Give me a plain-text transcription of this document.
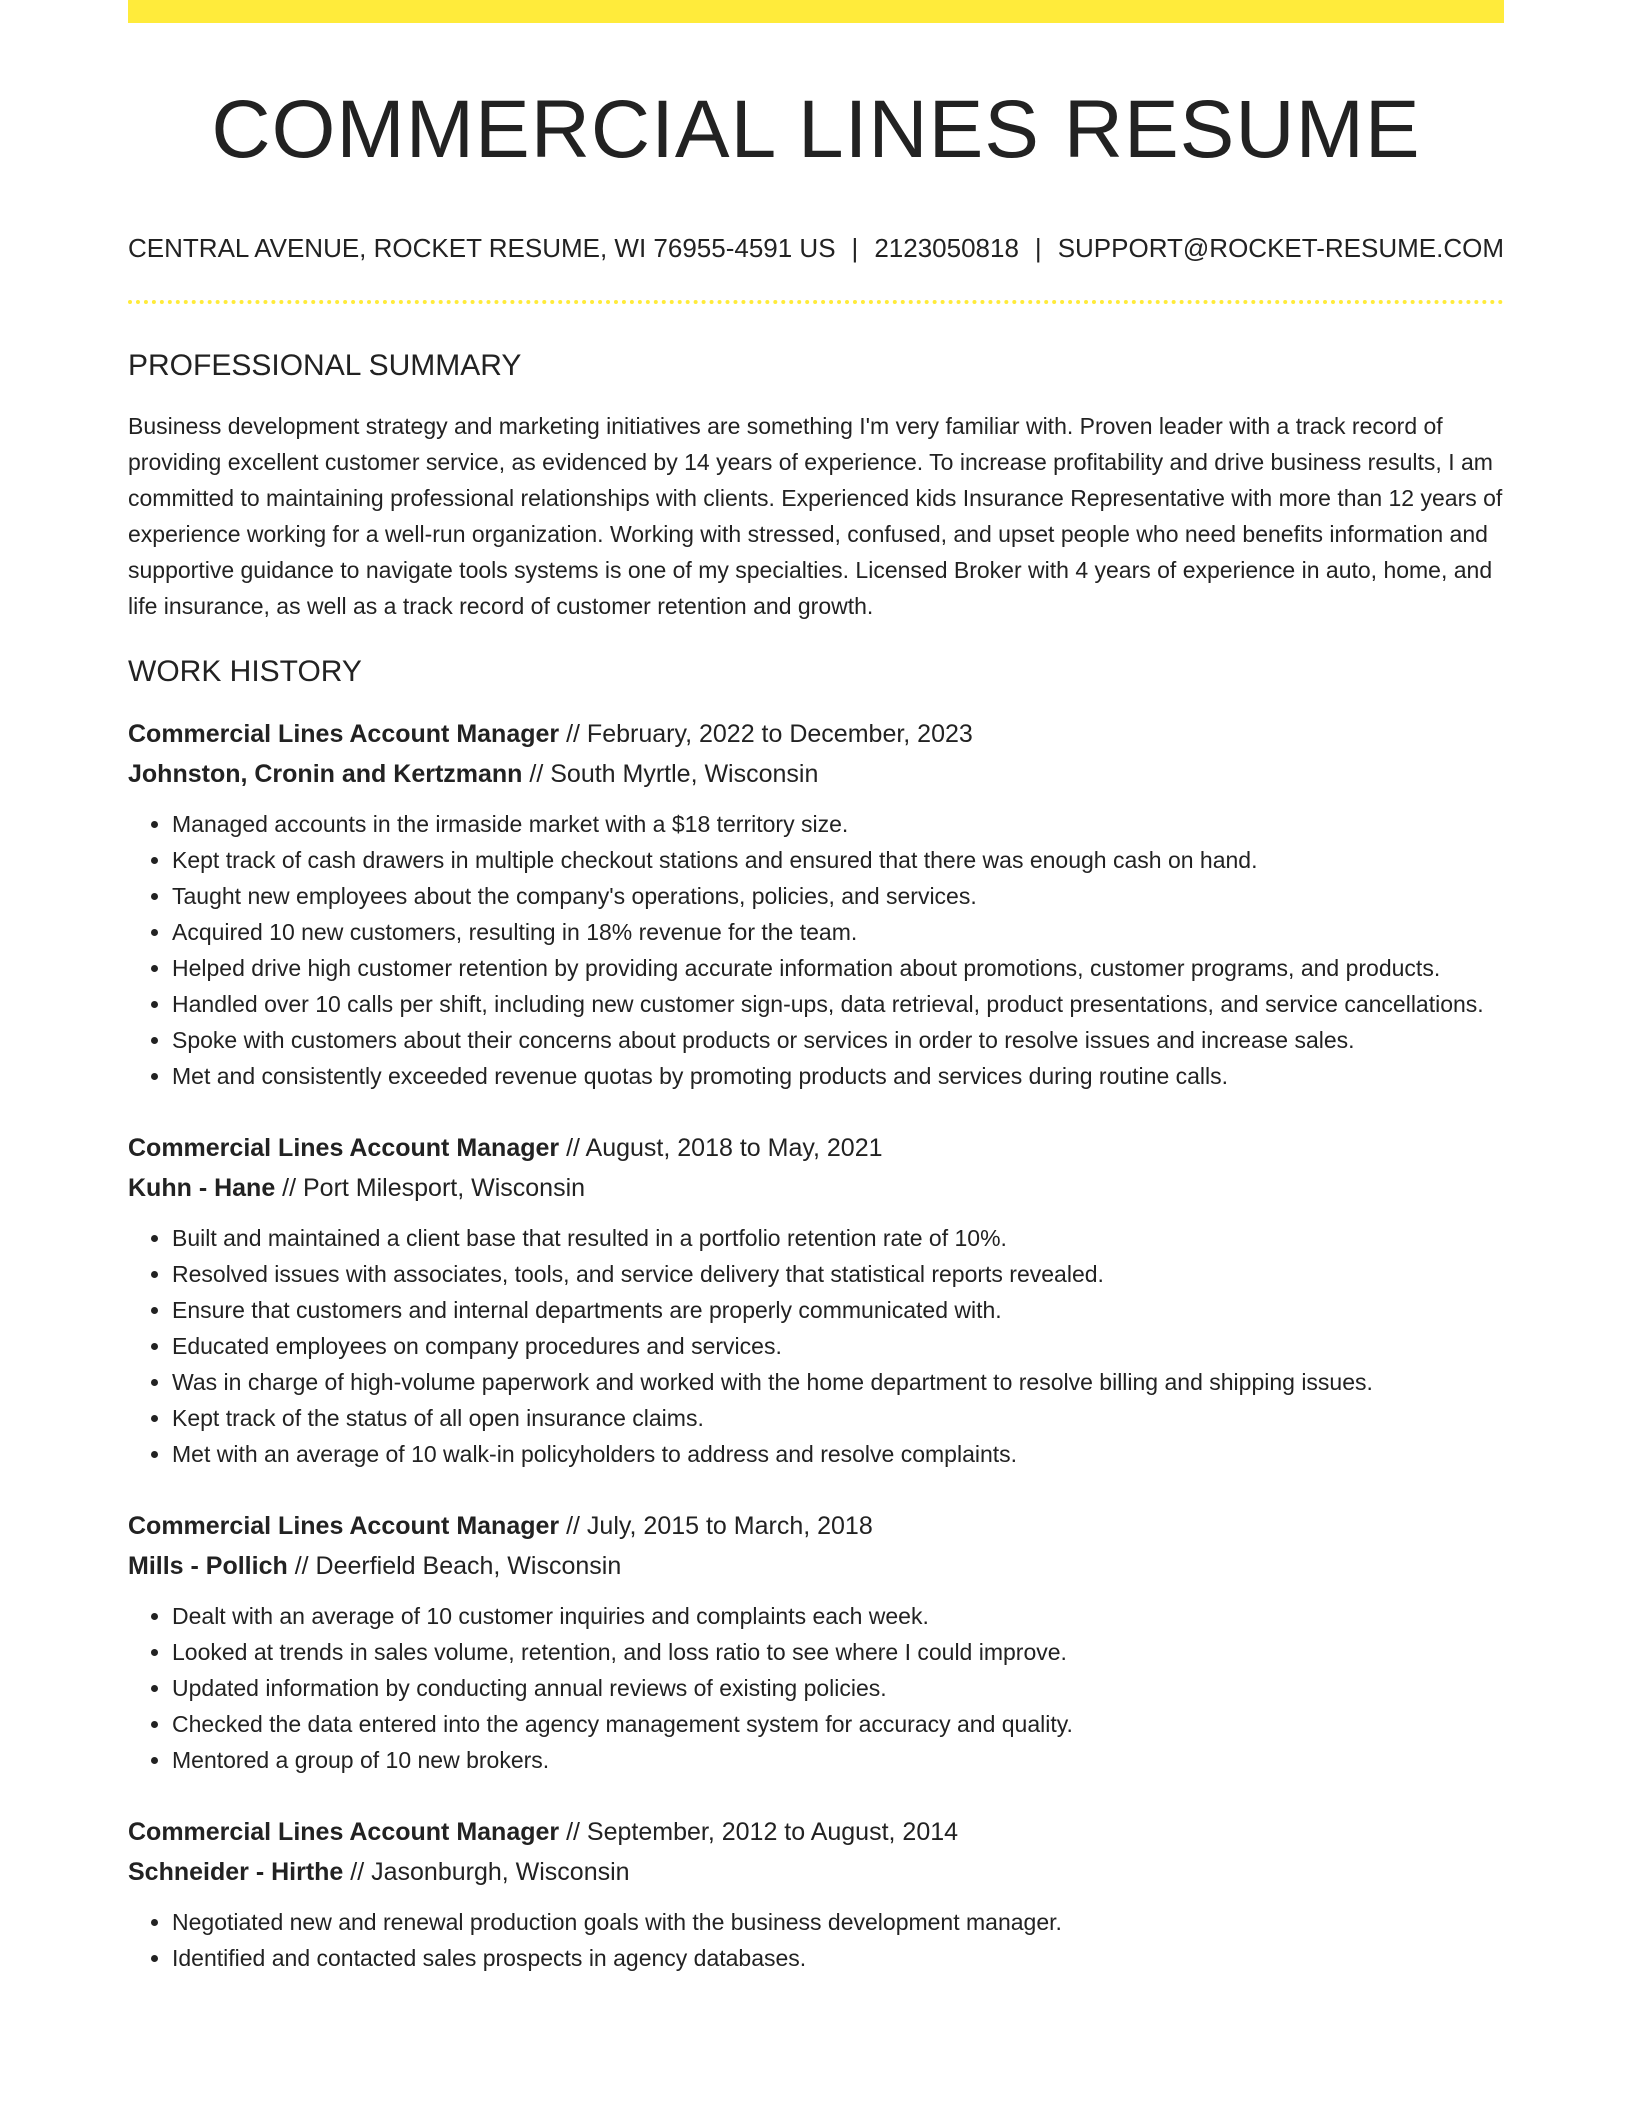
COMMERCIAL LINES RESUME
CENTRAL AVENUE, ROCKET RESUME, WI 76955-4591 US | 2123050818 | SUPPORT@ROCKET-RESUME.COM
PROFESSIONAL SUMMARY

Business development strategy and marketing initiatives are something I'm very familiar with. Proven leader with a track record of providing excellent customer service, as evidenced by 14 years of experience. To increase profitability and drive business results, I am committed to maintaining professional relationships with clients. Experienced kids Insurance Representative with more than 12 years of experience working for a well-run organization. Working with stressed, confused, and upset people who need benefits information and supportive guidance to navigate tools systems is one of my specialties. Licensed Broker with 4 years of experience in auto, home, and life insurance, as well as a track record of customer retention and growth.

WORK HISTORY
Commercial Lines Account Manager // February, 2022 to December, 2023
Johnston, Cronin and Kertzmann // South Myrtle, Wisconsin
• Managed accounts in the irmaside market with a $18 territory size.
• Kept track of cash drawers in multiple checkout stations and ensured that there was enough cash on hand.
• Taught new employees about the company's operations, policies, and services.
• Acquired 10 new customers, resulting in 18% revenue for the team.
• Helped drive high customer retention by providing accurate information about promotions, customer programs, and products.
• Handled over 10 calls per shift, including new customer sign-ups, data retrieval, product presentations, and service cancellations.
• Spoke with customers about their concerns about products or services in order to resolve issues and increase sales.
• Met and consistently exceeded revenue quotas by promoting products and services during routine calls.
Commercial Lines Account Manager // August, 2018 to May, 2021
Kuhn - Hane // Port Milesport, Wisconsin
• Built and maintained a client base that resulted in a portfolio retention rate of 10%.
• Resolved issues with associates, tools, and service delivery that statistical reports revealed.
• Ensure that customers and internal departments are properly communicated with.
• Educated employees on company procedures and services.
• Was in charge of high-volume paperwork and worked with the home department to resolve billing and shipping issues.
• Kept track of the status of all open insurance claims.
• Met with an average of 10 walk-in policyholders to address and resolve complaints.
Commercial Lines Account Manager // July, 2015 to March, 2018
Mills - Pollich // Deerfield Beach, Wisconsin
• Dealt with an average of 10 customer inquiries and complaints each week.
• Looked at trends in sales volume, retention, and loss ratio to see where I could improve.
• Updated information by conducting annual reviews of existing policies.
• Checked the data entered into the agency management system for accuracy and quality.
• Mentored a group of 10 new brokers.
Commercial Lines Account Manager // September, 2012 to August, 2014
Schneider - Hirthe // Jasonburgh, Wisconsin
• Negotiated new and renewal production goals with the business development manager.
• Identified and contacted sales prospects in agency databases.
